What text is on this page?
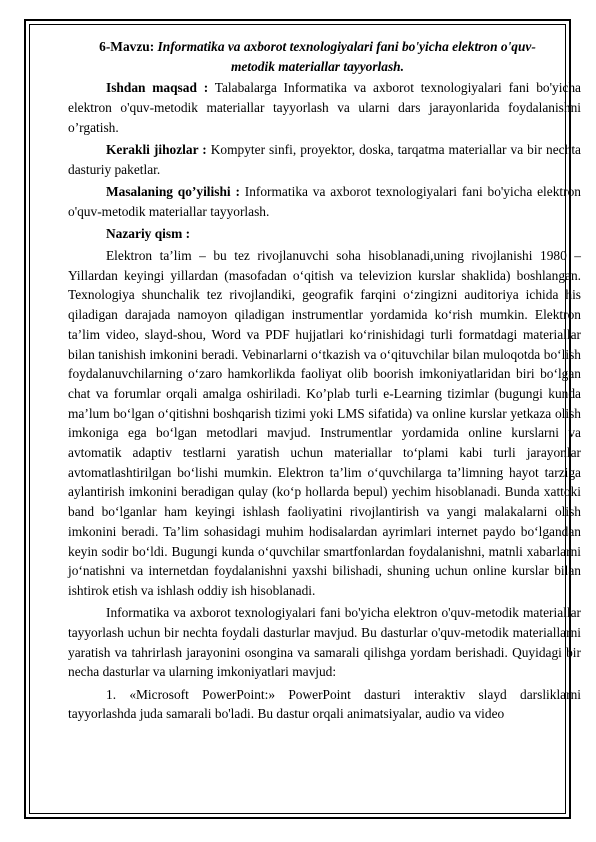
6-Mavzu: Informatika va axborot texnologiyalari fani bo'yicha elektron o'quv-metodik materiallar tayyorlash.

Ishdan maqsad : Talabalarga Informatika va axborot texnologiyalari fani bo'yicha elektron o'quv-metodik materiallar tayyorlash va ularni dars jarayonlarida foydalanishni o’rgatish.

Kerakli jihozlar : Kompyter sinfi, proyektor, doska, tarqatma materiallar va bir nechta dasturiy paketlar.

Masalaning qo’yilishi : Informatika va axborot texnologiyalari fani bo'yicha elektron o'quv-metodik materiallar tayyorlash.

Nazariy qism :

Elektron ta’lim – bu tez rivojlanuvchi soha hisoblanadi,uning rivojlanishi 1980 – Yillardan keyingi yillardan (masofadan o‘qitish va televizion kurslar shaklida) boshlangan. Texnologiya shunchalik tez rivojlandiki, geografik farqini o‘zingizni auditoriya ichida his qiladigan darajada namoyon qiladigan instrumentlar yordamida ko‘rish mumkin. Elektron ta’lim video, slayd-shou, Word va PDF hujjatlari ko‘rinishidagi turli formatdagi materiallar bilan tanishish imkonini beradi. Vebinarlarni o‘tkazish va o‘qituvchilar bilan muloqotda bo‘lish foydalanuvchilarning o‘zaro hamkorlikda faoliyat olib boorish imkoniyatlaridan biri bo‘lgan chat va forumlar orqali amalga oshiriladi. Ko’plab turli e-Learning tizimlar (bugungi kunda ma’lum bo‘lgan o‘qitishni boshqarish tizimi yoki LMS sifatida) va online kurslar yetkaza olish imkoniga ega bo‘lgan metodlari mavjud. Instrumentlar yordamida online kurslarni va avtomatik adaptiv testlarni yaratish uchun materiallar to‘plami kabi turli jarayonlar avtomatlashtirilgan bo‘lishi mumkin. Elektron ta’lim o‘quvchilarga ta’limning hayot tarziga aylantirish imkonini beradigan qulay (ko‘p hollarda bepul) yechim hisoblanadi. Bunda xattoki band bo‘lganlar ham keyingi ishlash faoliyatini rivojlantirish va yangi malakalarni olish imkonini beradi. Ta’lim sohasidagi muhim hodisalardan ayrimlari internet paydo bo‘lgandan keyin sodir bo‘ldi. Bugungi kunda o‘quvchilar smartfonlardan foydalanishni, matnli xabarlarni jo‘natishni va internetdan foydalanishni yaxshi bilishadi, shuning uchun online kurslar bilan ishtirok etish va ishlash oddiy ish hisoblanadi.

Informatika va axborot texnologiyalari fani bo'yicha elektron o'quv-metodik materiallar tayyorlash uchun bir nechta foydali dasturlar mavjud. Bu dasturlar o'quv-metodik materiallarni yaratish va tahrirlash jarayonini osongina va samarali qilishga yordam berishadi. Quyidagi bir necha dasturlar va ularning imkoniyatlari mavjud:

1. «Microsoft PowerPoint:» PowerPoint dasturi interaktiv slayd darsliklarni tayyorlashda juda samarali bo'ladi. Bu dastur orqali animatsiyalar, audio va video
